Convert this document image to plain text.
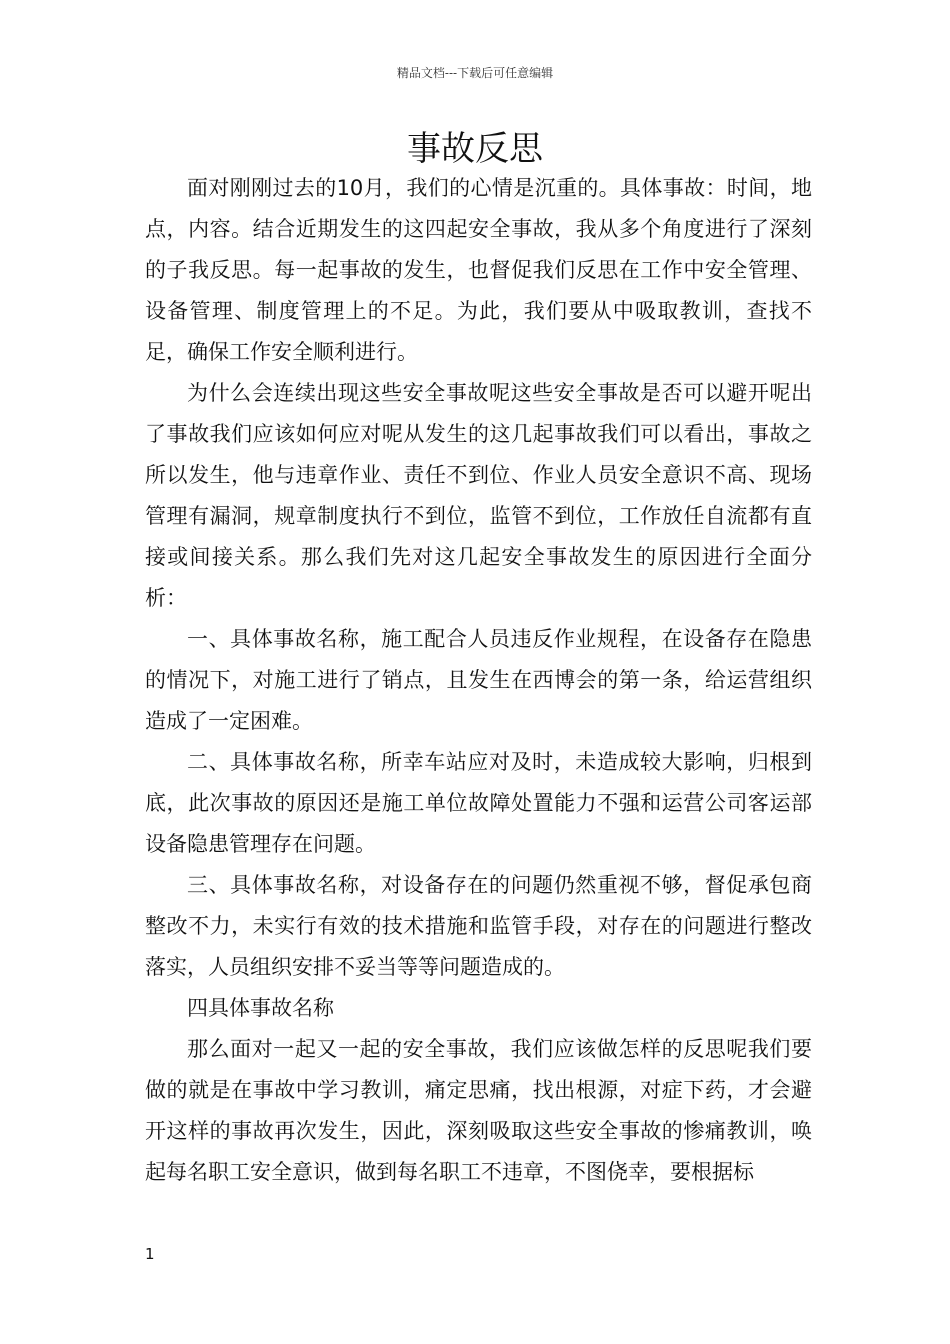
精品文档---下载后可任意编辑
事故反思

面对刚刚过去的10月，我们的心情是沉重的。具体事故：时间，地点，内容。结合近期发生的这四起安全事故，我从多个角度进行了深刻的子我反思。每一起事故的发生，也督促我们反思在工作中安全管理、设备管理、制度管理上的不足。为此，我们要从中吸取教训，查找不足，确保工作安全顺利进行。

为什么会连续出现这些安全事故呢这些安全事故是否可以避开呢出了事故我们应该如何应对呢从发生的这几起事故我们可以看出，事故之所以发生，他与违章作业、责任不到位、作业人员安全意识不高、现场管理有漏洞，规章制度执行不到位，监管不到位，工作放任自流都有直接或间接关系。那么我们先对这几起安全事故发生的原因进行全面分析：

一、具体事故名称，施工配合人员违反作业规程，在设备存在隐患的情况下，对施工进行了销点，且发生在西博会的第一条，给运营组织造成了一定困难。

二、具体事故名称，所幸车站应对及时，未造成较大影响，归根到底，此次事故的原因还是施工单位故障处置能力不强和运营公司客运部设备隐患管理存在问题。

三、具体事故名称，对设备存在的问题仍然重视不够，督促承包商整改不力，未实行有效的技术措施和监管手段，对存在的问题进行整改落实，人员组织安排不妥当等等问题造成的。

四具体事故名称

那么面对一起又一起的安全事故，我们应该做怎样的反思呢我们要做的就是在事故中学习教训，痛定思痛，找出根源，对症下药，才会避开这样的事故再次发生，因此，深刻吸取这些安全事故的惨痛教训，唤起每名职工安全意识，做到每名职工不违章，不图侥幸，要根据标

1
